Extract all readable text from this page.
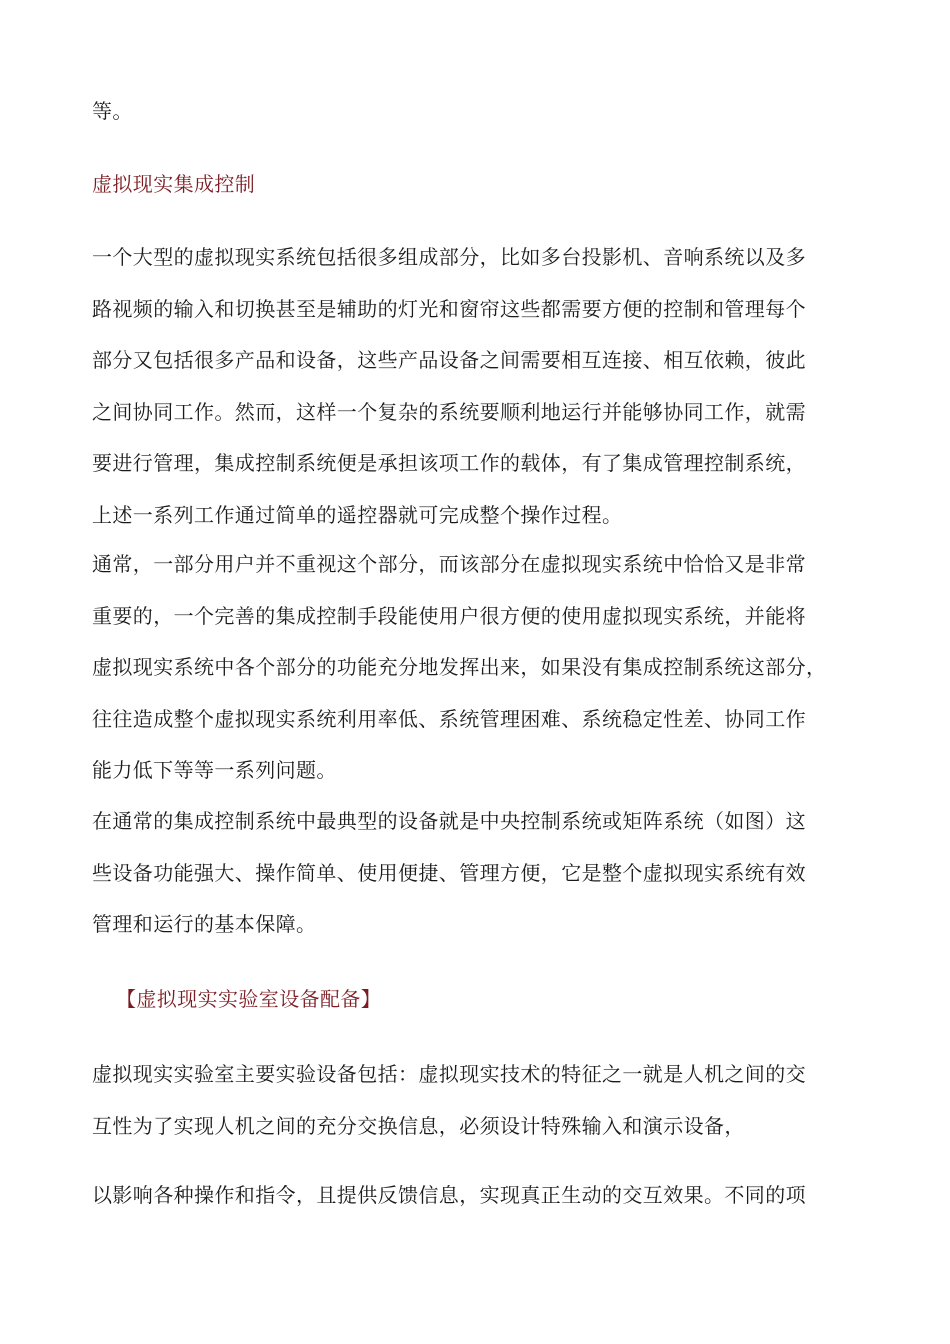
等。
虚拟现实集成控制
一个大型的虚拟现实系统包括很多组成部分，比如多台投影机、音响系统以及多
路视频的输入和切换甚至是辅助的灯光和窗帘这些都需要方便的控制和管理每个
部分又包括很多产品和设备，这些产品设备之间需要相互连接、相互依赖，彼此
之间协同工作。然而，这样一个复杂的系统要顺利地运行并能够协同工作，就需
要进行管理，集成控制系统便是承担该项工作的载体，有了集成管理控制系统，
上述一系列工作通过简单的遥控器就可完成整个操作过程。
通常，一部分用户并不重视这个部分，而该部分在虚拟现实系统中恰恰又是非常
重要的，一个完善的集成控制手段能使用户很方便的使用虚拟现实系统，并能将
虚拟现实系统中各个部分的功能充分地发挥出来，如果没有集成控制系统这部分，
往往造成整个虚拟现实系统利用率低、系统管理困难、系统稳定性差、协同工作
能力低下等等一系列问题。
在通常的集成控制系统中最典型的设备就是中央控制系统或矩阵系统（如图）这
些设备功能强大、操作简单、使用便捷、管理方便，它是整个虚拟现实系统有效
管理和运行的基本保障。
【虚拟现实实验室设备配备】
虚拟现实实验室主要实验设备包括：虚拟现实技术的特征之一就是人机之间的交
互性为了实现人机之间的充分交换信息，必须设计特殊输入和演示设备，
以影响各种操作和指令，且提供反馈信息，实现真正生动的交互效果。不同的项
